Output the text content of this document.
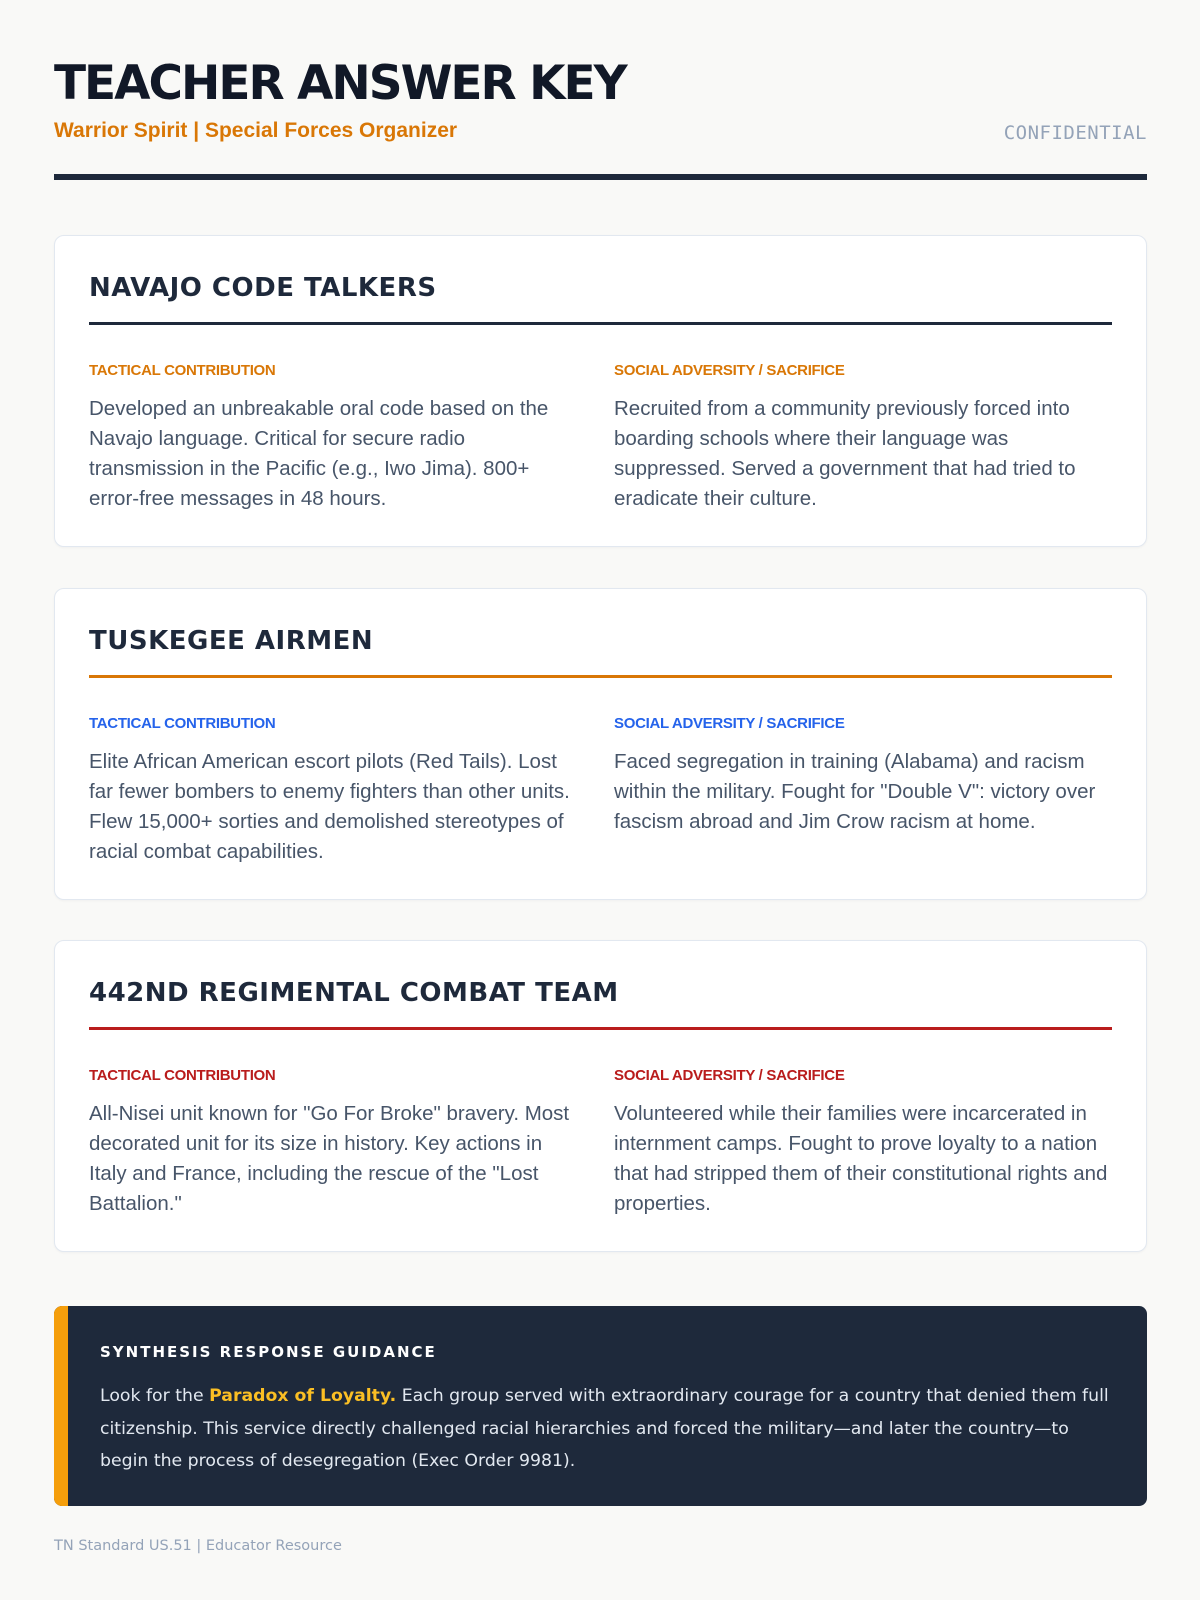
TEACHER ANSWER KEY
Warrior Spirit | Special Forces Organizer	CONFIDENTIAL
NAVAJO CODE TALKERS
TACTICAL CONTRIBUTION

Developed an unbreakable oral code based on the Navajo language. Critical for secure radio transmission in the Pacific (e.g., Iwo Jima). 800+ error-free messages in 48 hours.

SOCIAL ADVERSITY / SACRIFICE

Recruited from a community previously forced into boarding schools where their language was suppressed. Served a government that had tried to eradicate their culture.

TUSKEGEE AIRMEN
TACTICAL CONTRIBUTION

Elite African American escort pilots (Red Tails). Lost far fewer bombers to enemy fighters than other units. Flew 15,000+ sorties and demolished stereotypes of racial combat capabilities.

SOCIAL ADVERSITY / SACRIFICE

Faced segregation in training (Alabama) and racism within the military. Fought for "Double V": victory over fascism abroad and Jim Crow racism at home.

442ND REGIMENTAL COMBAT TEAM
TACTICAL CONTRIBUTION

All-Nisei unit known for "Go For Broke" bravery. Most decorated unit for its size in history. Key actions in Italy and France, including the rescue of the "Lost Battalion."

SOCIAL ADVERSITY / SACRIFICE

Volunteered while their families were incarcerated in internment camps. Fought to prove loyalty to a nation that had stripped them of their constitutional rights and properties.

SYNTHESIS RESPONSE GUIDANCE

Look for the Paradox of Loyalty. Each group served with extraordinary courage for a country that denied them full citizenship. This service directly challenged racial hierarchies and forced the military—and later the country—to begin the process of desegregation (Exec Order 9981).

TN Standard US.51 | Educator Resource
